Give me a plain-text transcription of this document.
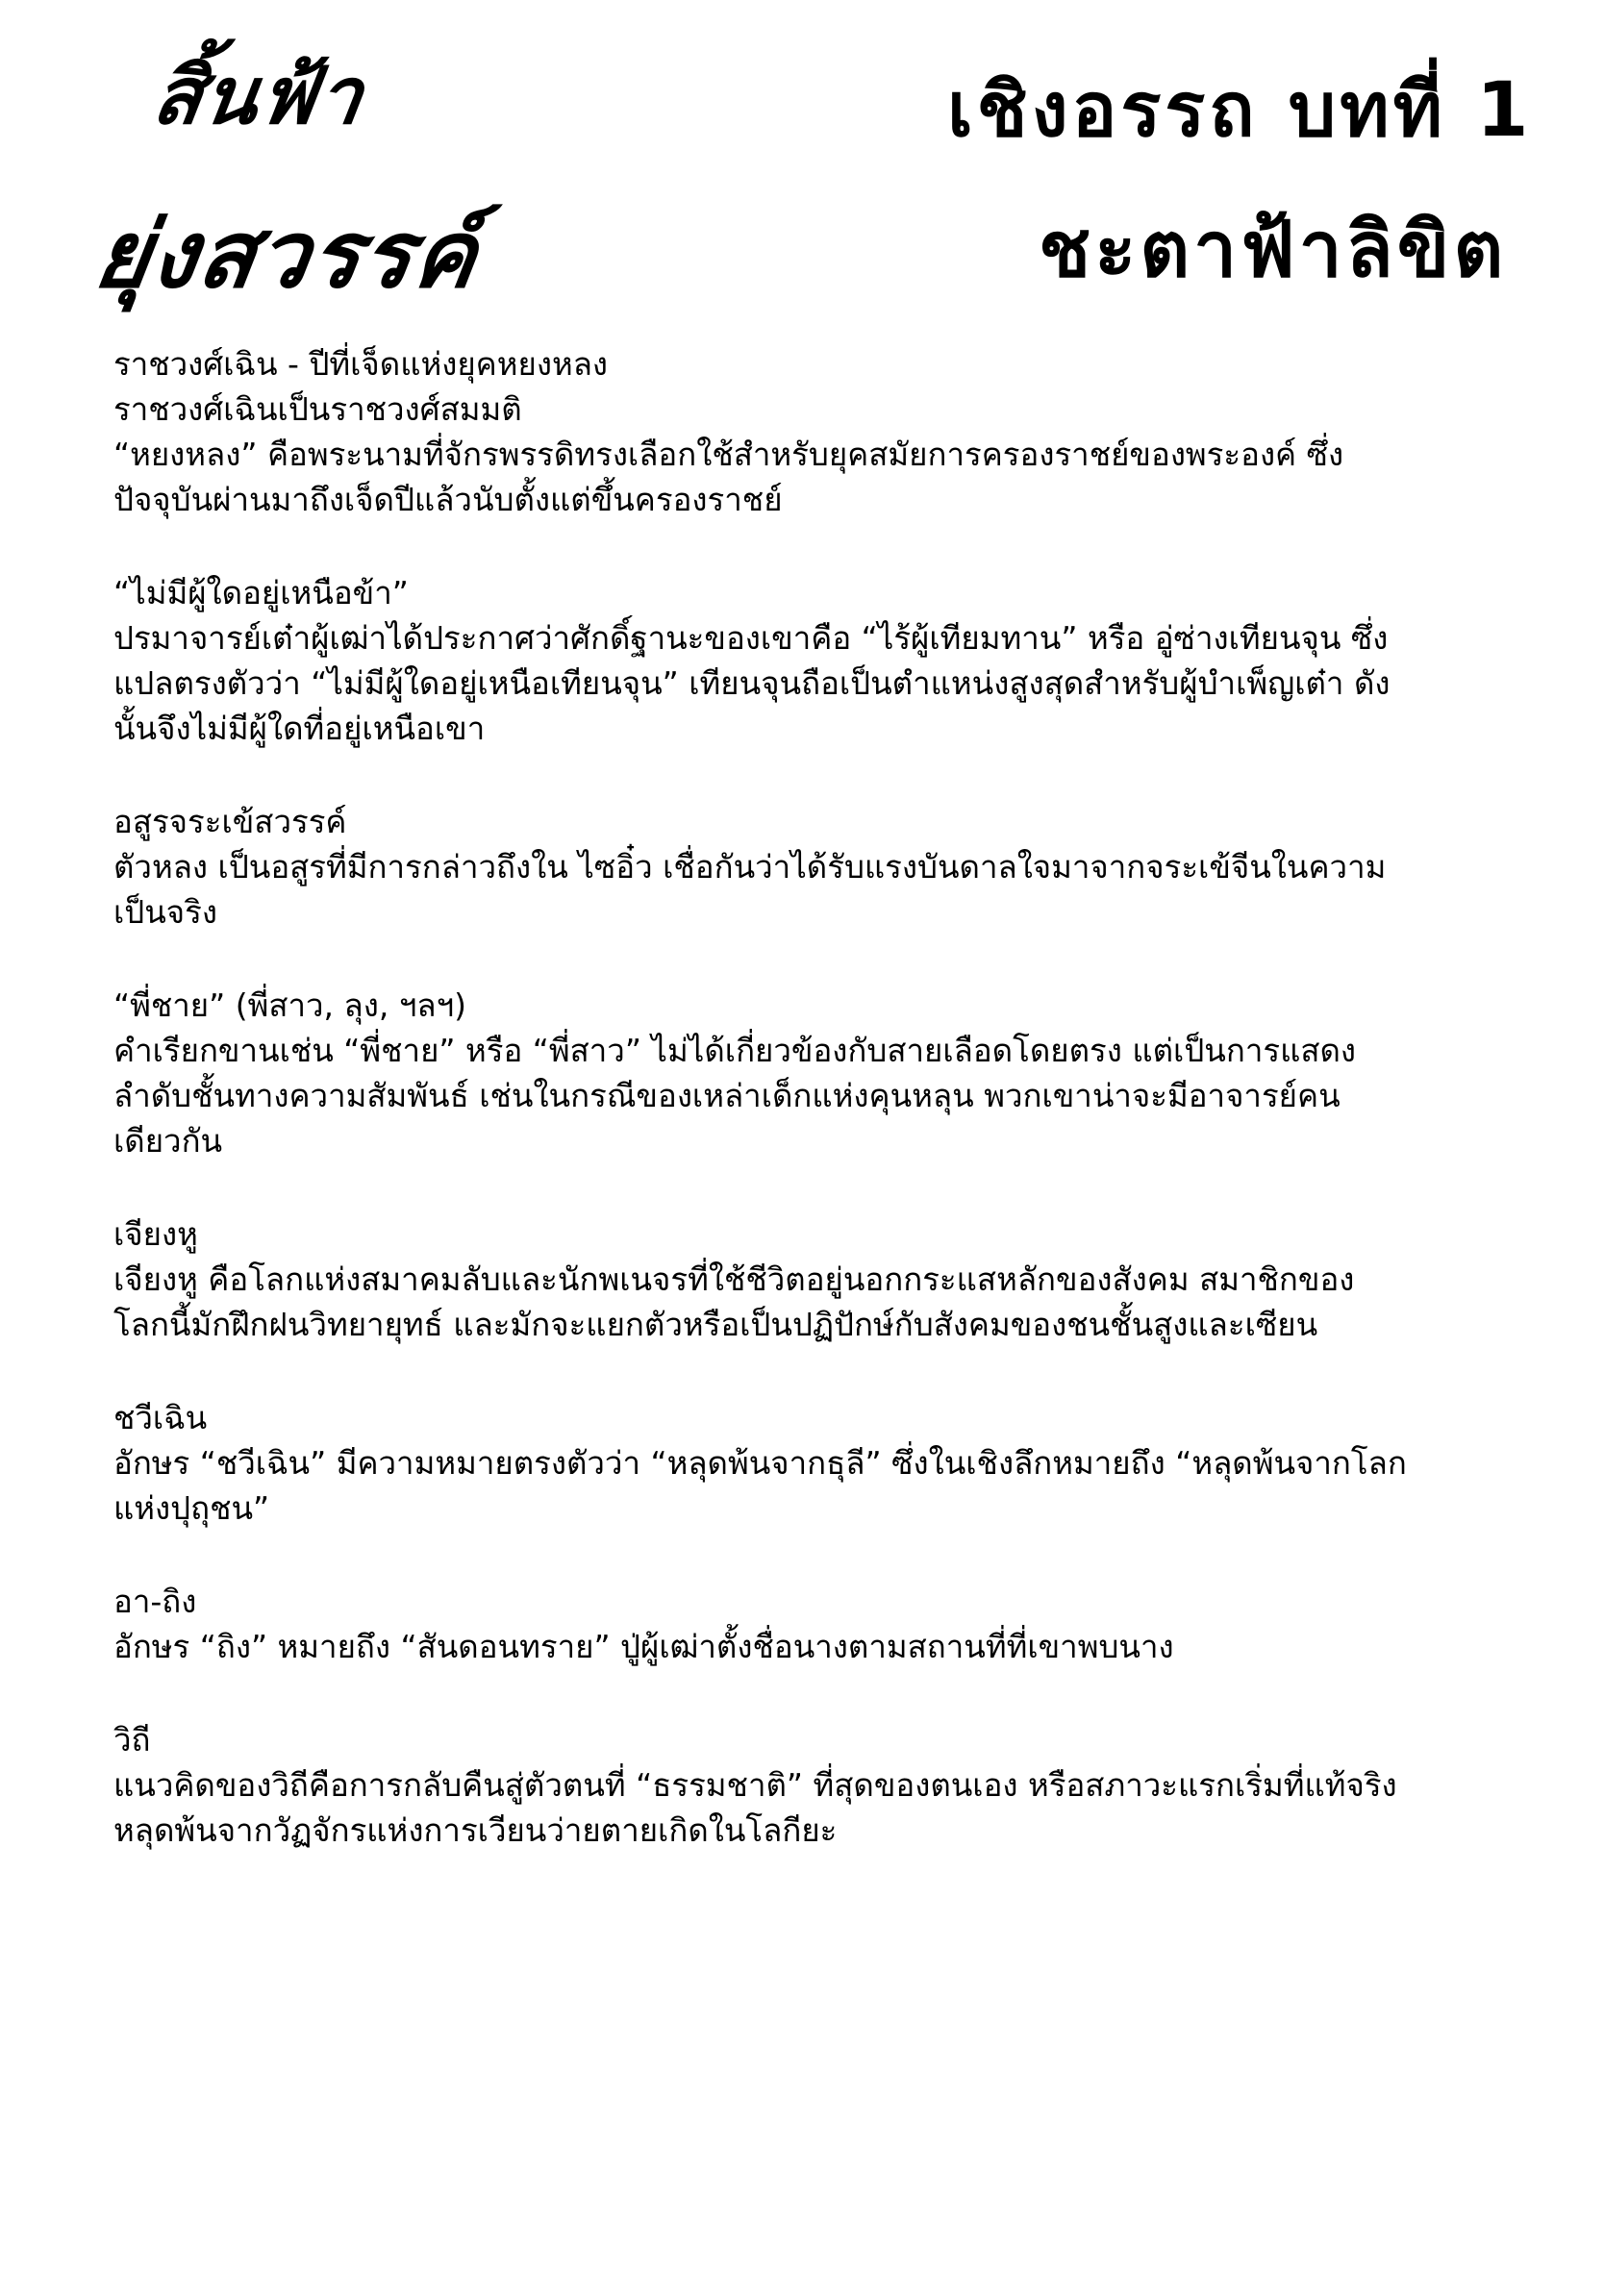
สิ้นฟ้า
ยุ่งสวรรค์
เชิงอรรถ บทที่ 1
ชะตาฟ้าลิขิต
ราชวงศ์เฉิน - ปีที่เจ็ดแห่งยุคหยงหลง
ราชวงศ์เฉินเป็นราชวงศ์สมมติ
“หยงหลง” คือพระนามที่จักรพรรดิทรงเลือกใช้สำหรับยุคสมัยการครองราชย์ของพระองค์ ซึ่ง
ปัจจุบันผ่านมาถึงเจ็ดปีแล้วนับตั้งแต่ขึ้นครองราชย์
“ไม่มีผู้ใดอยู่เหนือข้า”
ปรมาจารย์เต๋าผู้เฒ่าได้ประกาศว่าศักดิ์ฐานะของเขาคือ “ไร้ผู้เทียมทาน” หรือ อู่ซ่างเทียนจุน ซึ่ง
แปลตรงตัวว่า “ไม่มีผู้ใดอยู่เหนือเทียนจุน” เทียนจุนถือเป็นตำแหน่งสูงสุดสำหรับผู้บำเพ็ญเต๋า ดัง
นั้นจึงไม่มีผู้ใดที่อยู่เหนือเขา
อสูรจระเข้สวรรค์
ตัวหลง เป็นอสูรที่มีการกล่าวถึงใน ไซอิ๋ว เชื่อกันว่าได้รับแรงบันดาลใจมาจากจระเข้จีนในความ
เป็นจริง
“พี่ชาย” (พี่สาว, ลุง, ฯลฯ)
คำเรียกขานเช่น “พี่ชาย” หรือ “พี่สาว” ไม่ได้เกี่ยวข้องกับสายเลือดโดยตรง แต่เป็นการแสดง
ลำดับชั้นทางความสัมพันธ์ เช่นในกรณีของเหล่าเด็กแห่งคุนหลุน พวกเขาน่าจะมีอาจารย์คน
เดียวกัน
เจียงหู
เจียงหู คือโลกแห่งสมาคมลับและนักพเนจรที่ใช้ชีวิตอยู่นอกกระแสหลักของสังคม สมาชิกของ
โลกนี้มักฝึกฝนวิทยายุทธ์ และมักจะแยกตัวหรือเป็นปฏิปักษ์กับสังคมของชนชั้นสูงและเซียน
ชวีเฉิน
อักษร “ชวีเฉิน” มีความหมายตรงตัวว่า “หลุดพ้นจากธุลี” ซึ่งในเชิงลึกหมายถึง “หลุดพ้นจากโลก
แห่งปุถุชน”
อา-ถิง
อักษร “ถิง” หมายถึง “สันดอนทราย” ปู่ผู้เฒ่าตั้งชื่อนางตามสถานที่ที่เขาพบนาง
วิถี
แนวคิดของวิถีคือการกลับคืนสู่ตัวตนที่ “ธรรมชาติ” ที่สุดของตนเอง หรือสภาวะแรกเริ่มที่แท้จริง
หลุดพ้นจากวัฏจักรแห่งการเวียนว่ายตายเกิดในโลกียะ
